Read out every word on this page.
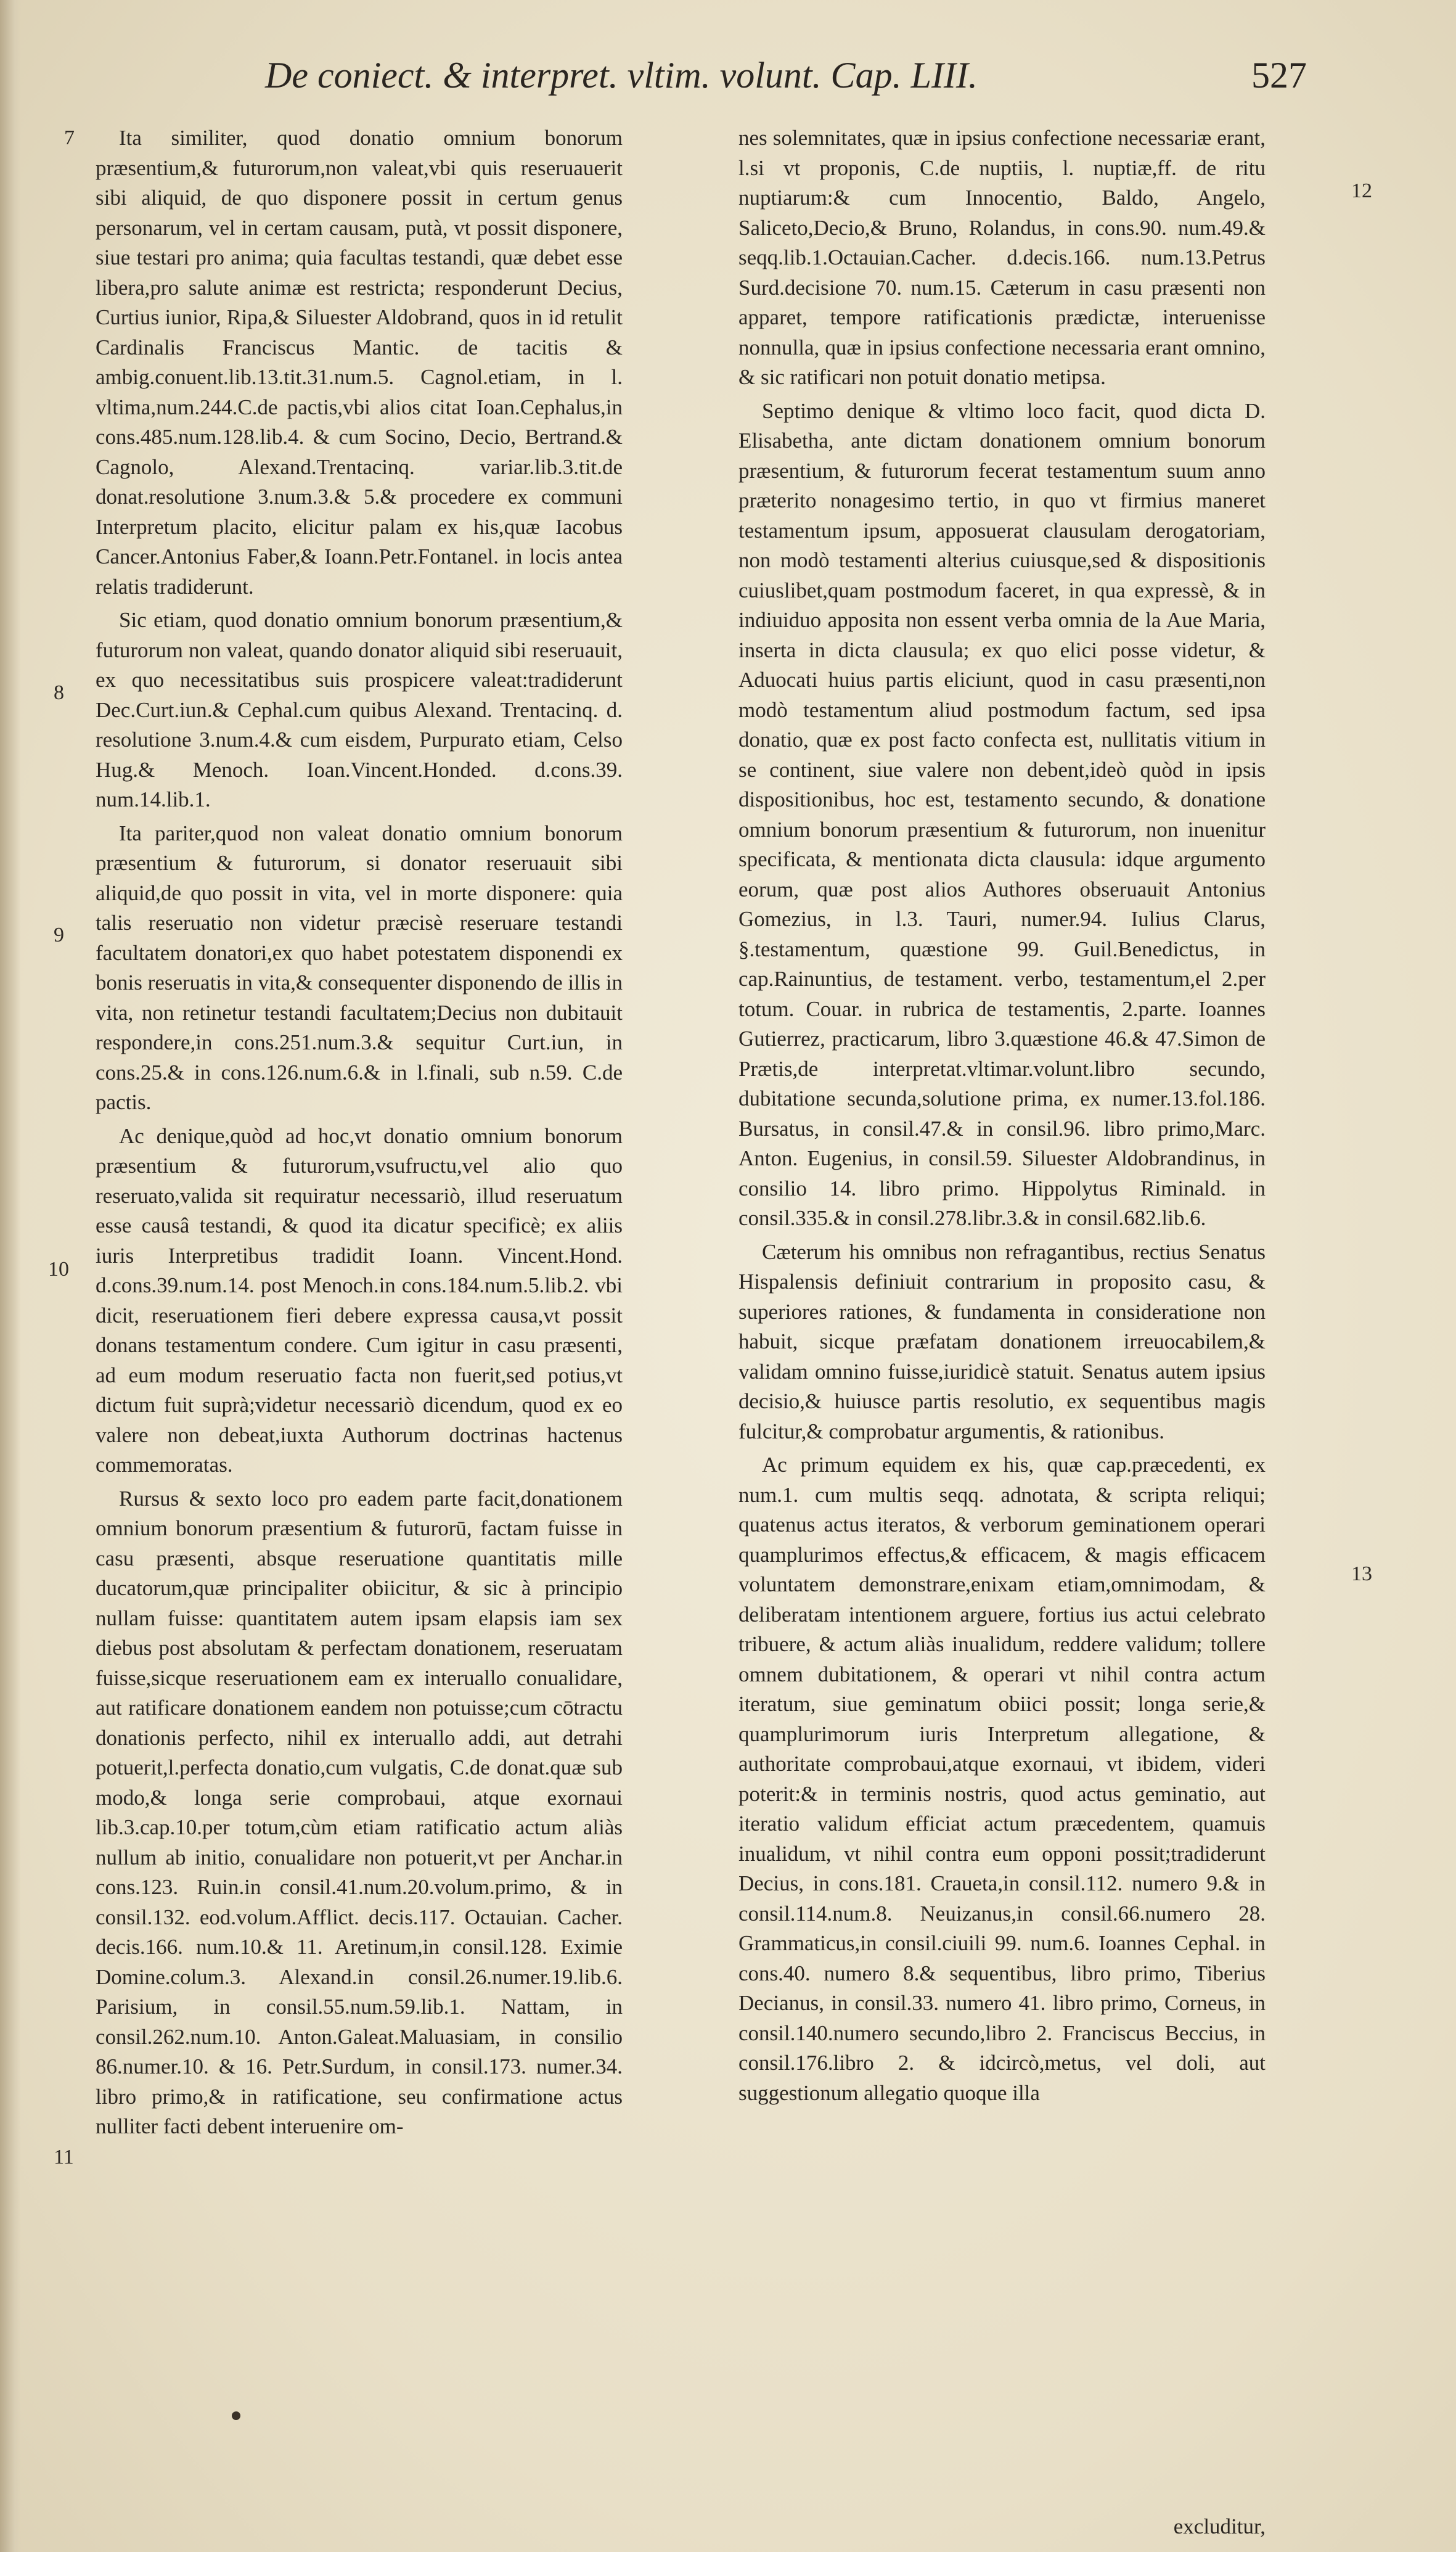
De coniect. & interpret. vltim. volunt. Cap. LIII.	527
7
8
9
10
11
12
13

Ita similiter, quod donatio omnium bonorum præsentium,& futurorum,non valeat,vbi quis reseruauerit sibi aliquid, de quo disponere possit in certum genus personarum, vel in certam causam, putà, vt possit disponere, siue testari pro anima; quia facultas testandi, quæ debet esse libera,pro salute animæ est restricta; responderunt Decius, Curtius iunior, Ripa,& Siluester Aldobrand, quos in id retulit Cardinalis Franciscus Mantic. de tacitis & ambig.conuent.lib.13.tit.31.num.5. Cagnol.etiam, in l. vltima,num.244.C.de pactis,vbi alios citat Ioan.Cephalus,in cons.485.num.128.lib.4. & cum Socino, Decio, Bertrand.& Cagnolo, Alexand.Trentacinq. variar.lib.3.tit.de donat.resolutione 3.num.3.& 5.& procedere ex communi Interpretum placito, elicitur palam ex his,quæ Iacobus Cancer.Antonius Faber,& Ioann.Petr.Fontanel. in locis antea relatis tradiderunt.

Sic etiam, quod donatio omnium bonorum præsentium,& futurorum non valeat, quando donator aliquid sibi reseruauit, ex quo necessitatibus suis prospicere valeat:tradiderunt Dec.Curt.iun.& Cephal.cum quibus Alexand. Trentacinq. d. resolutione 3.num.4.& cum eisdem, Purpurato etiam, Celso Hug.& Menoch. Ioan.Vincent.Honded. d.cons.39. num.14.lib.1.

Ita pariter,quod non valeat donatio omnium bonorum præsentium & futurorum, si donator reseruauit sibi aliquid,de quo possit in vita, vel in morte disponere: quia talis reseruatio non videtur præcisè reseruare testandi facultatem donatori,ex quo habet potestatem disponendi ex bonis reseruatis in vita,& consequenter disponendo de illis in vita, non retinetur testandi facultatem;Decius non dubitauit respondere,in cons.251.num.3.& sequitur Curt.iun, in cons.25.& in cons.126.num.6.& in l.finali, sub n.59. C.de pactis.

Ac denique,quòd ad hoc,vt donatio omnium bonorum præsentium & futurorum,vsufructu,vel alio quo reseruato,valida sit requiratur necessariò, illud reseruatum esse causâ testandi, & quod ita dicatur specificè; ex aliis iuris Interpretibus tradidit Ioann. Vincent.Hond. d.cons.39.num.14. post Menoch.in cons.184.num.5.lib.2. vbi dicit, reseruationem fieri debere expressa causa,vt possit donans testamentum condere. Cum igitur in casu præsenti, ad eum modum reseruatio facta non fuerit,sed potius,vt dictum fuit suprà;videtur necessariò dicendum, quod ex eo valere non debeat,iuxta Authorum doctrinas hactenus commemoratas.

Rursus & sexto loco pro eadem parte facit,donationem omnium bonorum præsentium & futurorū, factam fuisse in casu præsenti, absque reseruatione quantitatis mille ducatorum,quæ principaliter obiicitur, & sic à principio nullam fuisse: quantitatem autem ipsam elapsis iam sex diebus post absolutam & perfectam donationem, reseruatam fuisse,sicque reseruationem eam ex interuallo conualidare, aut ratificare donationem eandem non potuisse;cum cōtractu donationis perfecto, nihil ex interuallo addi, aut detrahi potuerit,l.perfecta donatio,cum vulgatis, C.de donat.quæ sub modo,& longa serie comprobaui, atque exornaui lib.3.cap.10.per totum,cùm etiam ratificatio actum aliàs nullum ab initio, conualidare non potuerit,vt per Anchar.in cons.123. Ruin.in consil.41.num.20.volum.primo, & in consil.132. eod.volum.Afflict. decis.117. Octauian. Cacher. decis.166. num.10.& 11. Aretinum,in consil.128. Eximie Domine.colum.3. Alexand.in consil.26.numer.19.lib.6. Parisium, in consil.55.num.59.lib.1. Nattam, in consil.262.num.10. Anton.Galeat.Maluasiam, in consilio 86.numer.10. & 16. Petr.Surdum, in consil.173. numer.34. libro primo,& in ratificatione, seu confirmatione actus nulliter facti debent interuenire om-

nes solemnitates, quæ in ipsius confectione necessariæ erant, l.si vt proponis, C.de nuptiis, l. nuptiæ,ff. de ritu nuptiarum:& cum Innocentio, Baldo, Angelo, Saliceto,Decio,& Bruno, Rolandus, in cons.90. num.49.& seqq.lib.1.Octauian.Cacher. d.decis.166. num.13.Petrus Surd.decisione 70. num.15. Cæterum in casu præsenti non apparet, tempore ratificationis prædictæ, interuenisse nonnulla, quæ in ipsius confectione necessaria erant omnino, & sic ratificari non potuit donatio metipsa.

Septimo denique & vltimo loco facit, quod dicta D. Elisabetha, ante dictam donationem omnium bonorum præsentium, & futurorum fecerat testamentum suum anno præterito nonagesimo tertio, in quo vt firmius maneret testamentum ipsum, apposuerat clausulam derogatoriam, non modò testamenti alterius cuiusque,sed & dispositionis cuiuslibet,quam postmodum faceret, in qua expressè, & in indiuiduo apposita non essent verba omnia de la Aue Maria, inserta in dicta clausula; ex quo elici posse videtur, & Aduocati huius partis eliciunt, quod in casu præsenti,non modò testamentum aliud postmodum factum, sed ipsa donatio, quæ ex post facto confecta est, nullitatis vitium in se continent, siue valere non debent,ideò quòd in ipsis dispositionibus, hoc est, testamento secundo, & donatione omnium bonorum præsentium & futurorum, non inuenitur specificata, & mentionata dicta clausula: idque argumento eorum, quæ post alios Authores obseruauit Antonius Gomezius, in l.3. Tauri, numer.94. Iulius Clarus, §.testamentum, quæstione 99. Guil.Benedictus, in cap.Rainuntius, de testament. verbo, testamentum,el 2.per totum. Couar. in rubrica de testamentis, 2.parte. Ioannes Gutierrez, practicarum, libro 3.quæstione 46.& 47.Simon de Prætis,de interpretat.vltimar.volunt.libro secundo, dubitatione secunda,solutione prima, ex numer.13.fol.186. Bursatus, in consil.47.& in consil.96. libro primo,Marc. Anton. Eugenius, in consil.59. Siluester Aldobrandinus, in consilio 14. libro primo. Hippolytus Riminald. in consil.335.& in consil.278.libr.3.& in consil.682.lib.6.

Cæterum his omnibus non refragantibus, rectius Senatus Hispalensis definiuit contrarium in proposito casu, & superiores rationes, & fundamenta in consideratione non habuit, sicque præfatam donationem irreuocabilem,& validam omnino fuisse,iuridicè statuit. Senatus autem ipsius decisio,& huiusce partis resolutio, ex sequentibus magis fulcitur,& comprobatur argumentis, & rationibus.

Ac primum equidem ex his, quæ cap.præcedenti, ex num.1. cum multis seqq. adnotata, & scripta reliqui; quatenus actus iteratos, & verborum geminationem operari quamplurimos effectus,& efficacem, & magis efficacem voluntatem demonstrare,enixam etiam,omnimodam, & deliberatam intentionem arguere, fortius ius actui celebrato tribuere, & actum aliàs inualidum, reddere validum; tollere omnem dubitationem, & operari vt nihil contra actum iteratum, siue geminatum obiici possit; longa serie,& quamplurimorum iuris Interpretum allegatione, & authoritate comprobaui,atque exornaui, vt ibidem, videri poterit:& in terminis nostris, quod actus geminatio, aut iteratio validum efficiat actum præcedentem, quamuis inualidum, vt nihil contra eum opponi possit;tradiderunt Decius, in cons.181. Craueta,in consil.112. numero 9.& in consil.114.num.8. Neuizanus,in consil.66.numero 28. Grammaticus,in consil.ciuili 99. num.6. Ioannes Cephal. in cons.40. numero 8.& sequentibus, libro primo, Tiberius Decianus, in consil.33. numero 41. libro primo, Corneus, in consil.140.numero secundo,libro 2. Franciscus Beccius, in consil.176.libro 2. & idcircò,metus, vel doli, aut suggestionum allegatio quoque illa

excluditur,
